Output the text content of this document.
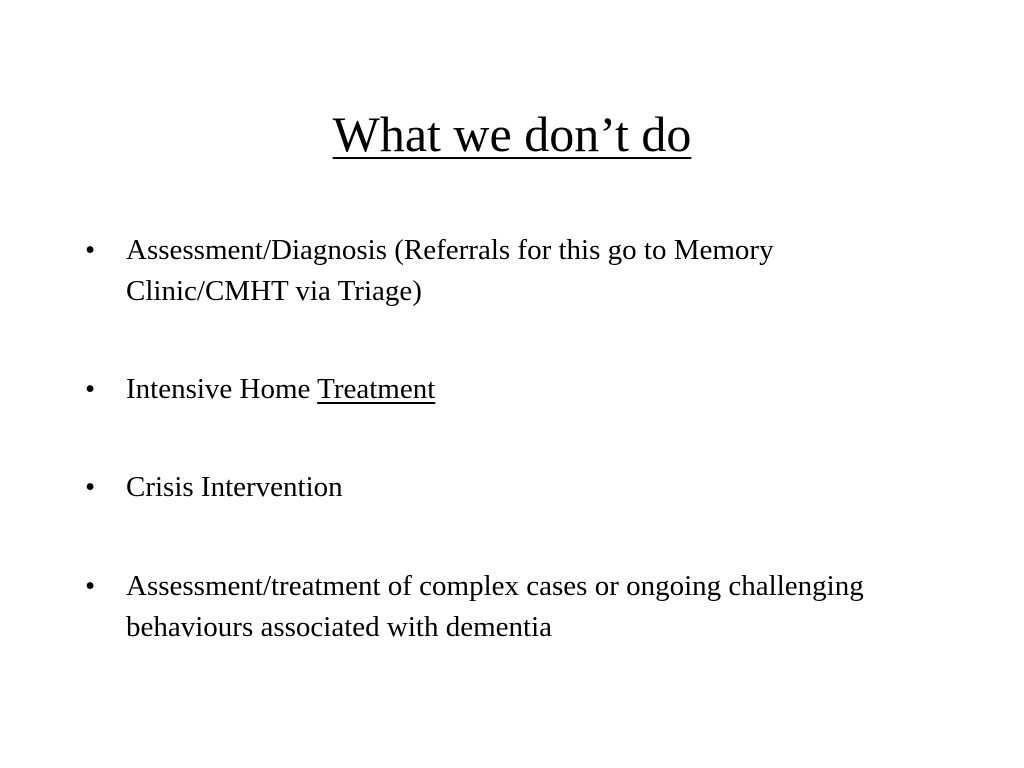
What we don’t do
•	Assessment/Diagnosis (Referrals for this go to Memory Clinic/CMHT via Triage)
•	Intensive Home Treatment
•	Crisis Intervention
•	Assessment/treatment of complex cases or ongoing challenging behaviours associated with dementia
